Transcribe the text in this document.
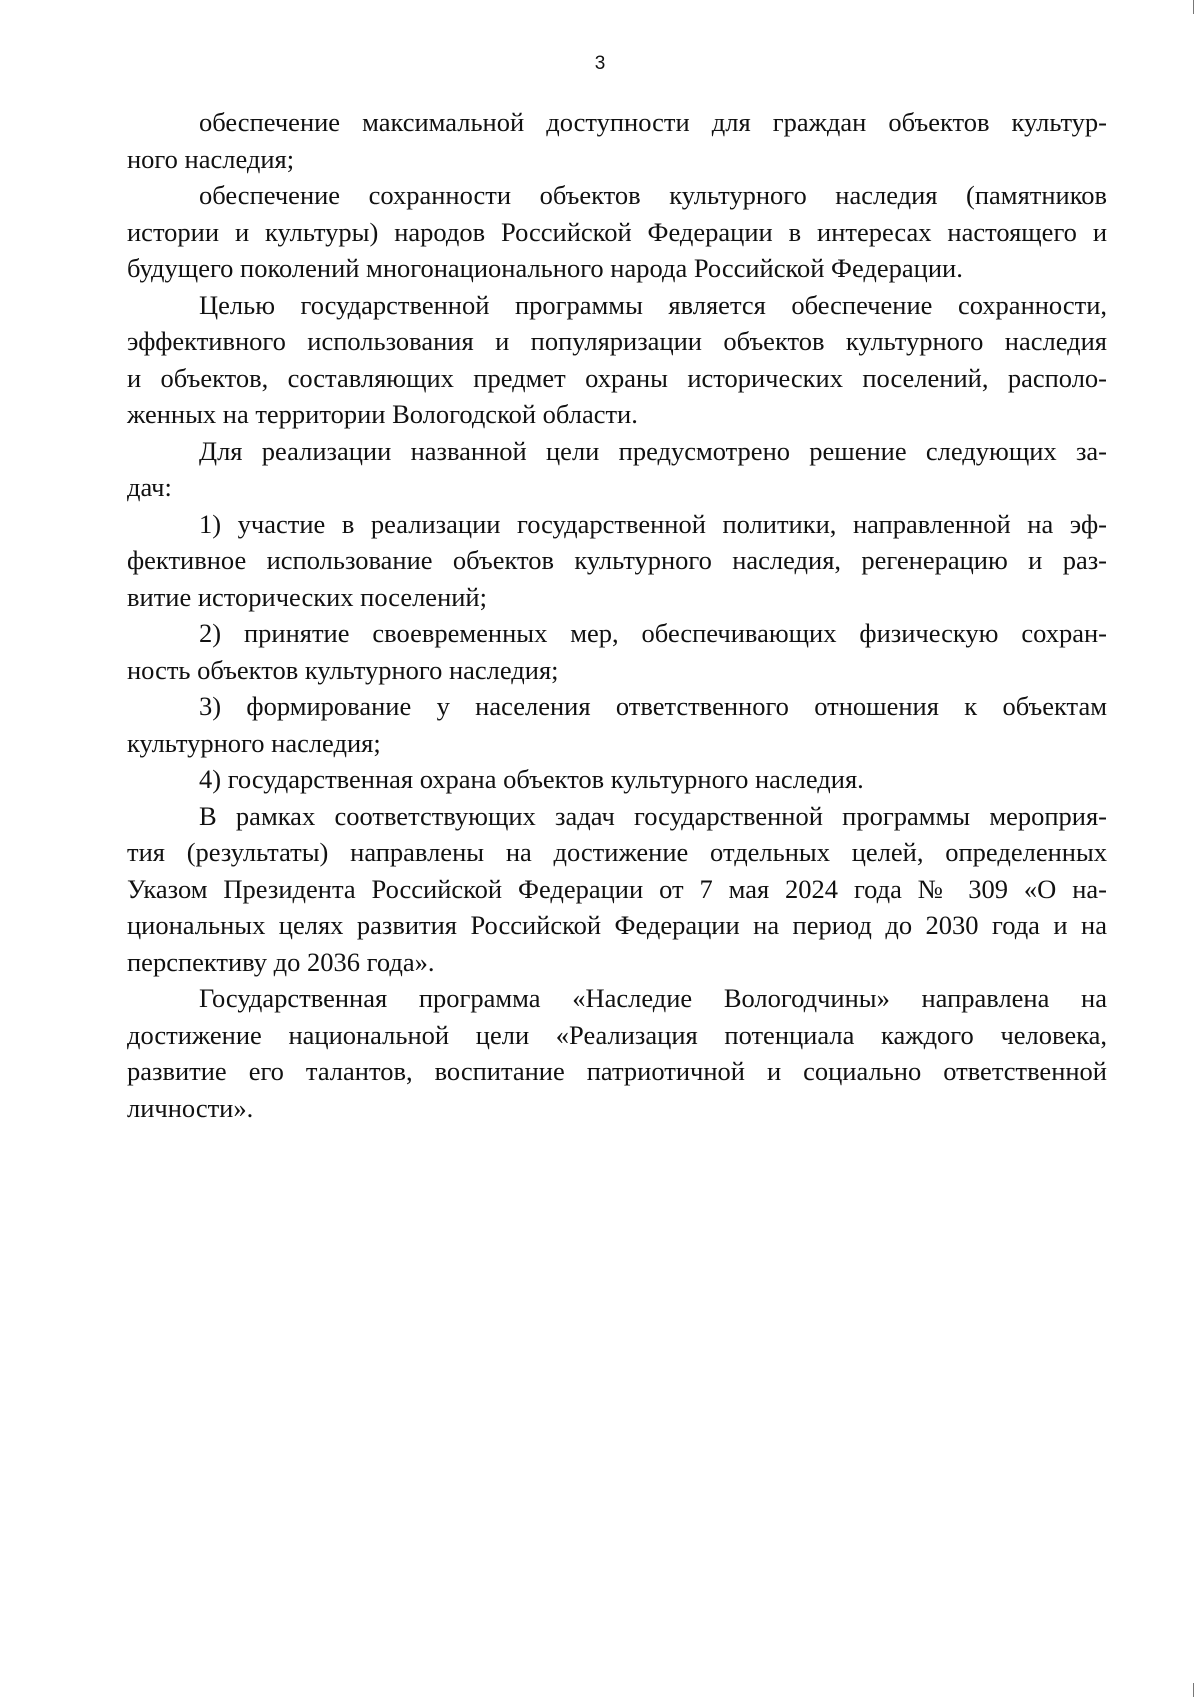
3
обеспечение максимальной доступности для граждан объектов культур-
ного наследия;
обеспечение сохранности объектов культурного наследия (памятников
истории и культуры) народов Российской Федерации в интересах настоящего и
будущего поколений многонационального народа Российской Федерации.
Целью государственной программы является обеспечение сохранности,
эффективного использования и популяризации объектов культурного наследия
и объектов, составляющих предмет охраны исторических поселений, располо-
женных на территории Вологодской области.
Для реализации названной цели предусмотрено решение следующих за-
дач:
1) участие в реализации государственной политики, направленной на эф-
фективное использование объектов культурного наследия, регенерацию и раз-
витие исторических поселений;
2) принятие своевременных мер, обеспечивающих физическую сохран-
ность объектов культурного наследия;
3) формирование у населения ответственного отношения к объектам
культурного наследия;
4) государственная охрана объектов культурного наследия.
В рамках соответствующих задач государственной программы мероприя-
тия (результаты) направлены на достижение отдельных целей, определенных
Указом Президента Российской Федерации от 7 мая 2024 года № 309 «О на-
циональных целях развития Российской Федерации на период до 2030 года и на
перспективу до 2036 года».
Государственная программа «Наследие Вологодчины» направлена на
достижение национальной цели «Реализация потенциала каждого человека,
развитие его талантов, воспитание патриотичной и социально ответственной
личности».
